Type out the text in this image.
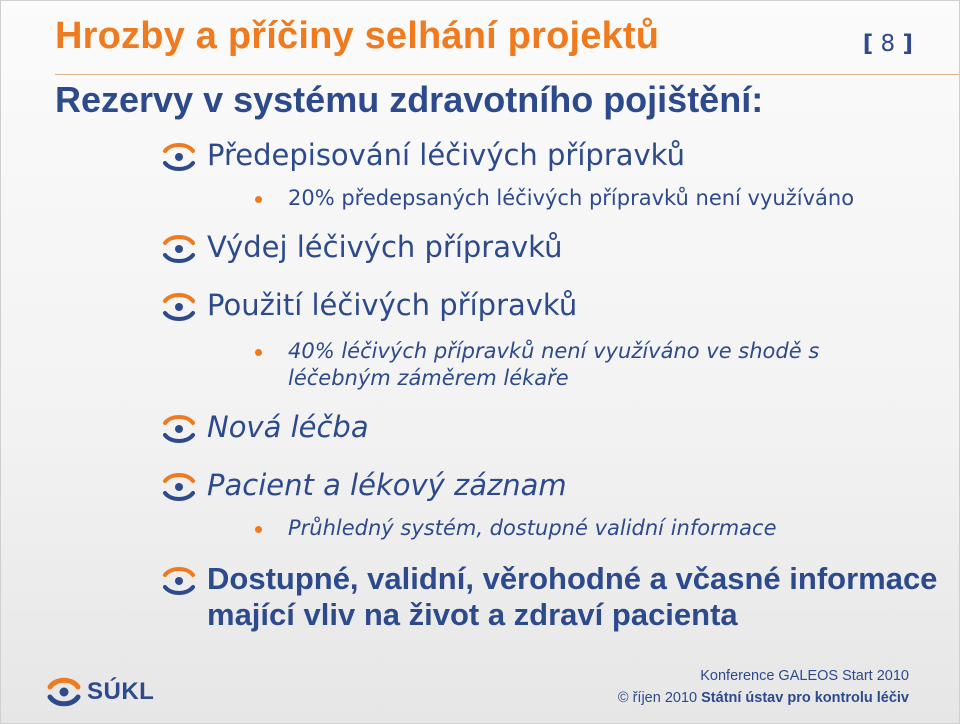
Hrozby a příčiny selhání projektů	[ 8 ]
Rezervy v systému zdravotního pojištění:
Předepisování léčivých přípravků
20% předepsaných léčivých přípravků není využíváno
Výdej léčivých přípravků
Použití léčivých přípravků
40% léčivých přípravků není využíváno ve shodě s léčebným záměrem lékaře
Nová léčba
Pacient a lékový záznam
Průhledný systém, dostupné validní informace
Dostupné, validní, věrohodné a včasné informace mající vliv na život a zdraví pacienta
SÚKL
Konference GALEOS Start 2010
© říjen 2010 Státní ústav pro kontrolu léčiv
